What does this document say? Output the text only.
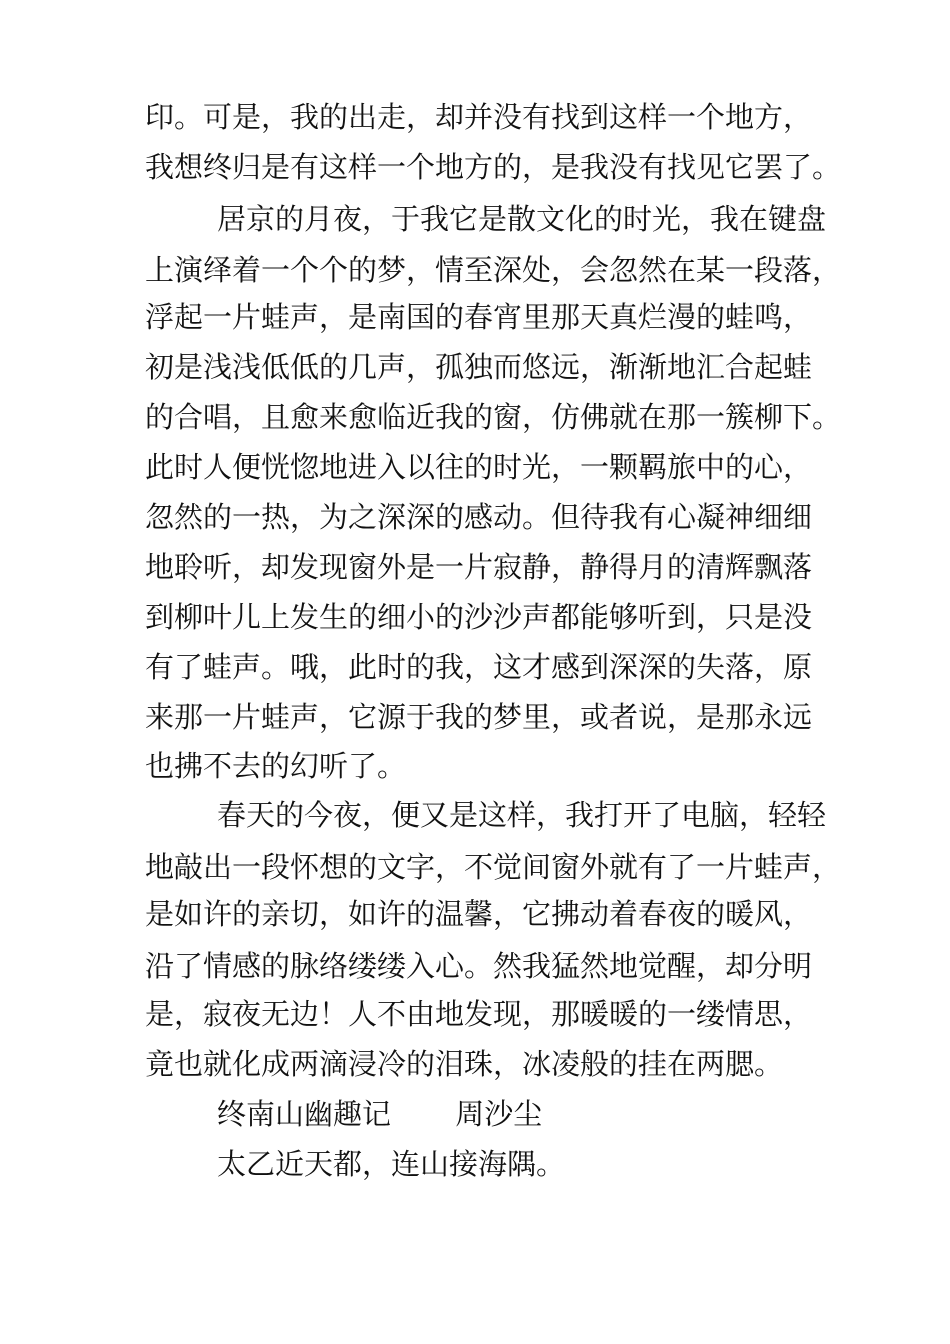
印。可是，我的出走，却并没有找到这样一个地方，
我想终归是有这样一个地方的，是我没有找见它罢了。
居京的月夜，于我它是散文化的时光，我在键盘
上演绎着一个个的梦，情至深处，会忽然在某一段落，
浮起一片蛙声，是南国的春宵里那天真烂漫的蛙鸣，
初是浅浅低低的几声，孤独而悠远，渐渐地汇合起蛙
的合唱，且愈来愈临近我的窗，仿佛就在那一簇柳下。
此时人便恍惚地进入以往的时光，一颗羁旅中的心，
忽然的一热，为之深深的感动。但待我有心凝神细细
地聆听，却发现窗外是一片寂静，静得月的清辉飘落
到柳叶儿上发生的细小的沙沙声都能够听到，只是没
有了蛙声。哦，此时的我，这才感到深深的失落，原
来那一片蛙声，它源于我的梦里，或者说，是那永远
也拂不去的幻听了。
春天的今夜，便又是这样，我打开了电脑，轻轻
地敲出一段怀想的文字，不觉间窗外就有了一片蛙声，
是如许的亲切，如许的温馨，它拂动着春夜的暖风，
沿了情感的脉络缕缕入心。然我猛然地觉醒，却分明
是，寂夜无边！人不由地发现，那暖暖的一缕情思，
竟也就化成两滴浸冷的泪珠，冰凌般的挂在两腮。
终南山幽趣记 周沙尘
太乙近天都，连山接海隅。
